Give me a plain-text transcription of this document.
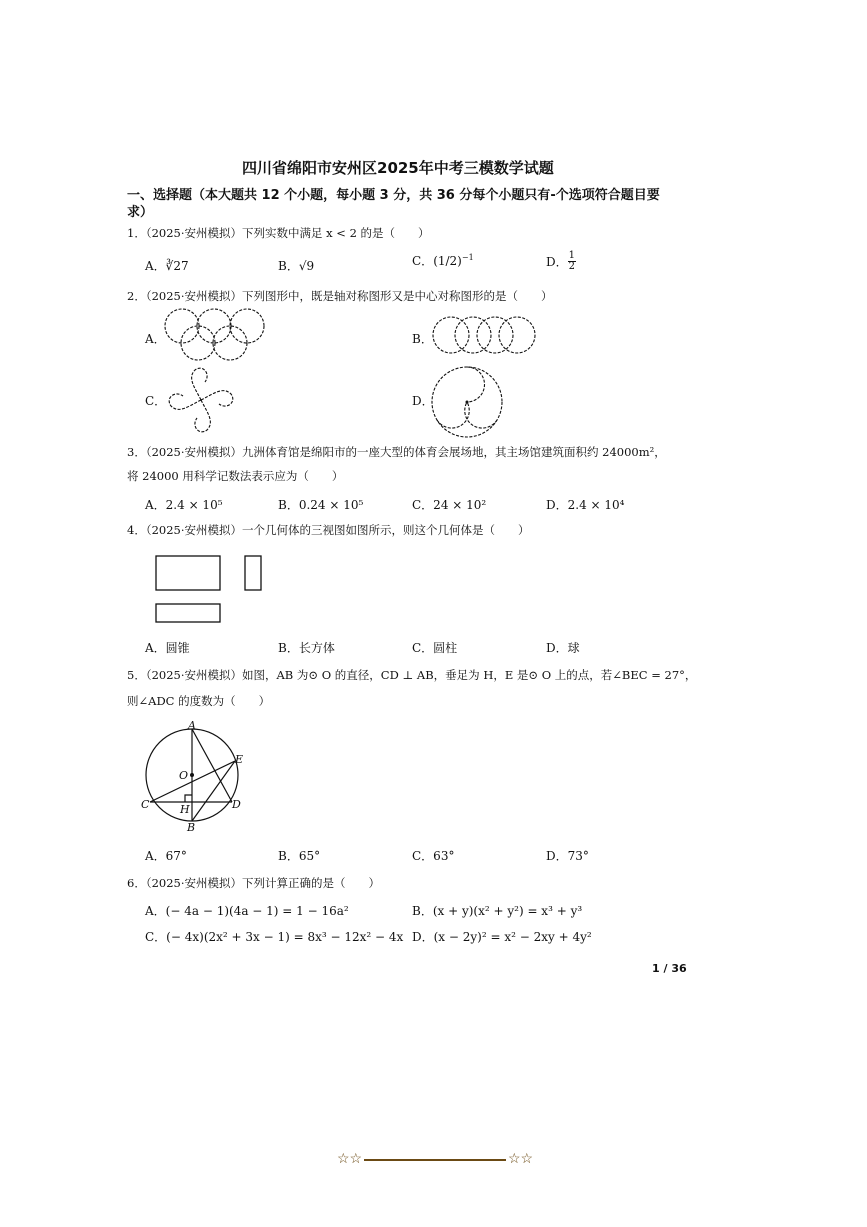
四川省绵阳市安州区2025年中考三模数学试题
一、选择题（本大题共 12 个小题，每小题 3 分，共 36 分每个小题只有-个选项符合题目要
求）
1．（2025·安州模拟）下列实数中满足 x < 2 的是（　　）
A．∛27	B．√9	C．$(1/2)^{-1}$	D． $\frac{1}{2}$
2．（2025·安州模拟）下列图形中，既是轴对称图形又是中心对称图形的是（　　）
A．	B．
C．	D．
3．（2025·安州模拟）九洲体育馆是绵阳市的一座大型的体育会展场地，其主场馆建筑面积约 24000m²，
将 24000 用科学记数法表示应为（　　）
A．2.4 × 10⁵	B．0.24 × 10⁵	C．24 × 10²	D．2.4 × 10⁴
4．（2025·安州模拟）一个几何体的三视图如图所示，则这个几何体是（　　）
A．圆锥	B．长方体	C．圆柱	D．球
5．（2025·安州模拟）如图，AB 为⊙ O 的直径，CD ⊥ AB，垂足为 H，E 是⊙ O 上的点，若∠BEC = 27°，
则∠ADC 的度数为（　　）
A
O
E
C	H	D
B
A．67°	B．65°	C．63°	D．73°
6．（2025·安州模拟）下列计算正确的是（　　）
A．(− 4a − 1)(4a − 1) = 1 − 16a²	B．(x + y)(x² + y²) = x³ + y³
C．(− 4x)(2x² + 3x − 1) = 8x³ − 12x² − 4x D．(x − 2y)² = x² − 2xy + 4y²
1 / 36
☆☆	☆☆
